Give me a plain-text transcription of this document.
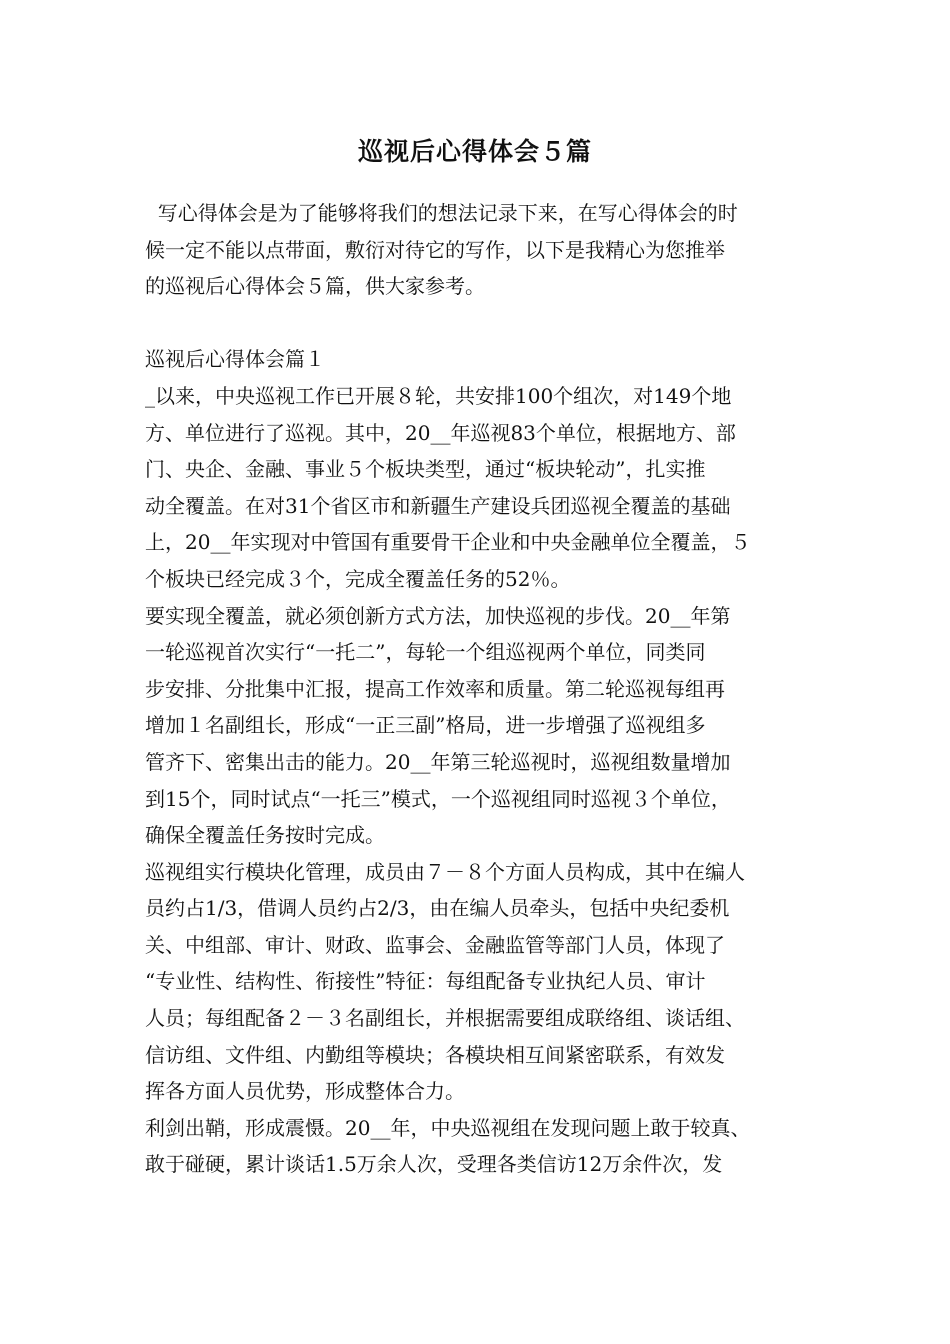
巡视后心得体会５篇
写心得体会是为了能够将我们的想法记录下来，在写心得体会的时
候一定不能以点带面，敷衍对待它的写作，以下是我精心为您推举
的巡视后心得体会５篇，供大家参考。
巡视后心得体会篇１
_以来，中央巡视工作已开展８轮，共安排100个组次，对149个地
方、单位进行了巡视。其中，20__年巡视83个单位，根据地方、部
门、央企、金融、事业５个板块类型，通过“板块轮动”，扎实推
动全覆盖。在对31个省区市和新疆生产建设兵团巡视全覆盖的基础
上，20__年实现对中管国有重要骨干企业和中央金融单位全覆盖，５
个板块已经完成３个，完成全覆盖任务的52％。
要实现全覆盖，就必须创新方式方法，加快巡视的步伐。20__年第
一轮巡视首次实行“一托二”，每轮一个组巡视两个单位，同类同
步安排、分批集中汇报，提高工作效率和质量。第二轮巡视每组再
增加１名副组长，形成“一正三副”格局，进一步增强了巡视组多
管齐下、密集出击的能力。20__年第三轮巡视时，巡视组数量增加
到15个，同时试点“一托三”模式，一个巡视组同时巡视３个单位，
确保全覆盖任务按时完成。
巡视组实行模块化管理，成员由７－８个方面人员构成，其中在编人
员约占1/3，借调人员约占2/3，由在编人员牵头，包括中央纪委机
关、中组部、审计、财政、监事会、金融监管等部门人员，体现了
“专业性、结构性、衔接性”特征：每组配备专业执纪人员、审计
人员；每组配备２－３名副组长，并根据需要组成联络组、谈话组、
信访组、文件组、内勤组等模块；各模块相互间紧密联系，有效发
挥各方面人员优势，形成整体合力。
利剑出鞘，形成震慑。20__年，中央巡视组在发现问题上敢于较真、
敢于碰硬，累计谈话1.5万余人次，受理各类信访12万余件次，发
